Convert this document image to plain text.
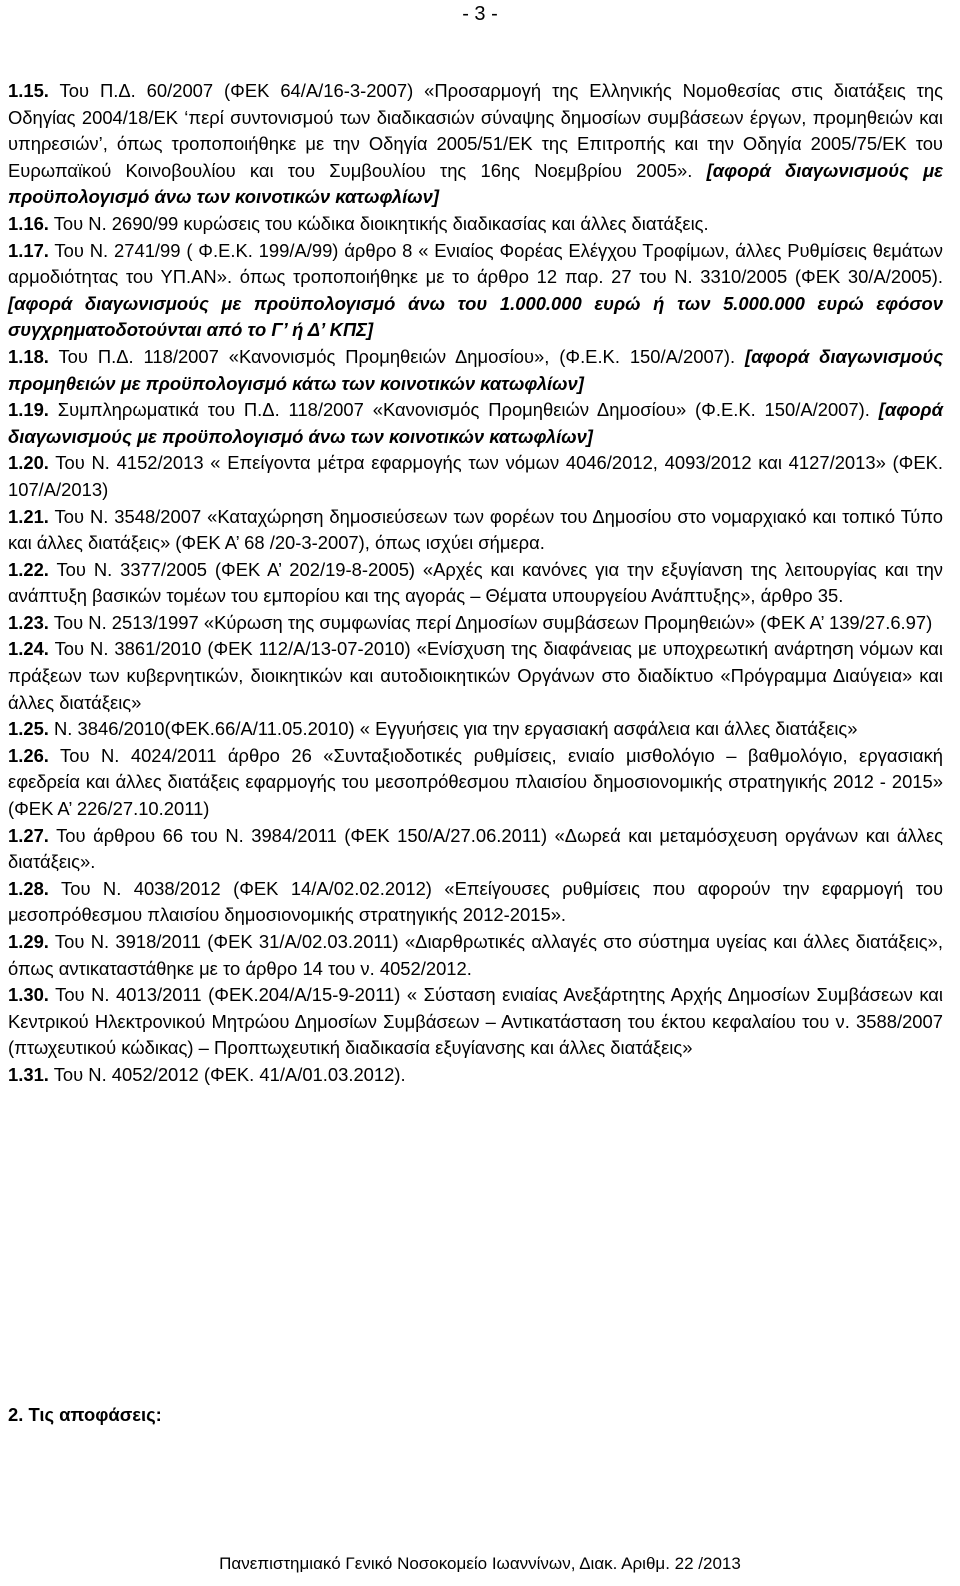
- 3 -

1.15. Του Π.Δ. 60/2007 (ΦΕΚ 64/Α/16-3-2007) «Προσαρμογή της Ελληνικής Νομοθεσίας στις διατάξεις της Οδηγίας 2004/18/ΕΚ ‘περί συντονισμού των διαδικασιών σύναψης δημοσίων συμβάσεων έργων, προμηθειών και υπηρεσιών’, όπως τροποποιήθηκε με την Οδηγία 2005/51/ΕΚ της Επιτροπής και την Οδηγία 2005/75/ΕΚ του Ευρωπαϊκού Κοινοβουλίου και του Συμβουλίου της 16ης Νοεμβρίου 2005». [αφορά διαγωνισμούς με προϋπολογισμό άνω των κοινοτικών κατωφλίων]

1.16. Του Ν. 2690/99 κυρώσεις του κώδικα διοικητικής διαδικασίας και άλλες διατάξεις.

1.17. Του Ν. 2741/99 ( Φ.Ε.Κ. 199/Α/99) άρθρο 8 « Ενιαίος Φορέας Ελέγχου Τροφίμων, άλλες Ρυθμίσεις θεμάτων αρμοδιότητας του ΥΠ.ΑΝ». όπως τροποποιήθηκε με το άρθρο 12 παρ. 27 του Ν. 3310/2005 (ΦΕΚ 30/Α/2005). [αφορά διαγωνισμούς με προϋπολογισμό άνω του 1.000.000 ευρώ ή των 5.000.000 ευρώ εφόσον συγχρηματοδοτούνται από το Γ’ ή Δ’ ΚΠΣ]

1.18. Του Π.Δ. 118/2007 «Κανονισμός Προμηθειών Δημοσίου», (Φ.Ε.Κ. 150/Α/2007). [αφορά διαγωνισμούς προμηθειών με προϋπολογισμό κάτω των κοινοτικών κατωφλίων]

1.19. Συμπληρωματικά του Π.Δ. 118/2007 «Κανονισμός Προμηθειών Δημοσίου» (Φ.Ε.Κ. 150/Α/2007). [αφορά διαγωνισμούς με προϋπολογισμό άνω των κοινοτικών κατωφλίων]

1.20. Του Ν. 4152/2013 « Επείγοντα μέτρα εφαρμογής των νόμων 4046/2012, 4093/2012 και 4127/2013» (ΦΕΚ. 107/Α/2013)

1.21. Του Ν. 3548/2007 «Καταχώρηση δημοσιεύσεων των φορέων του Δημοσίου στο νομαρχιακό και τοπικό Τύπο και άλλες διατάξεις» (ΦΕΚ Α’ 68 /20-3-2007), όπως ισχύει σήμερα.

1.22. Του Ν. 3377/2005 (ΦΕΚ Α’ 202/19-8-2005) «Αρχές και κανόνες για την εξυγίανση της λειτουργίας και την ανάπτυξη βασικών τομέων του εμπορίου και της αγοράς – Θέματα υπουργείου Ανάπτυξης», άρθρο 35.

1.23. Του Ν. 2513/1997 «Κύρωση της συμφωνίας περί Δημοσίων συμβάσεων Προμηθειών» (ΦΕΚ Α’ 139/27.6.97)

1.24. Του Ν. 3861/2010 (ΦΕΚ 112/Α/13-07-2010) «Ενίσχυση της διαφάνειας με υποχρεωτική ανάρτηση νόμων και πράξεων των κυβερνητικών, διοικητικών και αυτοδιοικητικών Οργάνων στο διαδίκτυο «Πρόγραμμα Διαύγεια» και άλλες διατάξεις»

1.25. Ν. 3846/2010(ΦΕΚ.66/Α/11.05.2010) « Εγγυήσεις για την εργασιακή ασφάλεια και άλλες διατάξεις»

1.26. Του Ν. 4024/2011 άρθρο 26 «Συνταξιοδοτικές ρυθμίσεις, ενιαίο μισθολόγιο – βαθμολόγιο, εργασιακή εφεδρεία και άλλες διατάξεις εφαρμογής του μεσοπρόθεσμου πλαισίου δημοσιονομικής στρατηγικής 2012 - 2015» (ΦΕΚ Α’ 226/27.10.2011)

1.27. Του άρθρου 66 του Ν. 3984/2011 (ΦΕΚ 150/Α/27.06.2011) «Δωρεά και μεταμόσχευση οργάνων και άλλες διατάξεις».

1.28. Του Ν. 4038/2012 (ΦΕΚ 14/Α/02.02.2012) «Επείγουσες ρυθμίσεις που αφορούν την εφαρμογή του μεσοπρόθεσμου πλαισίου δημοσιονομικής στρατηγικής 2012-2015».

1.29. Του Ν. 3918/2011 (ΦΕΚ 31/Α/02.03.2011) «Διαρθρωτικές αλλαγές στο σύστημα υγείας και άλλες διατάξεις», όπως αντικαταστάθηκε με το άρθρο 14 του ν. 4052/2012.

1.30. Του Ν. 4013/2011 (ΦΕΚ.204/Α/15-9-2011) « Σύσταση ενιαίας Ανεξάρτητης Αρχής Δημοσίων Συμβάσεων και Κεντρικού Ηλεκτρονικού Μητρώου Δημοσίων Συμβάσεων – Αντικατάσταση του έκτου κεφαλαίου του ν. 3588/2007 (πτωχευτικού κώδικας) – Προπτωχευτική διαδικασία εξυγίανσης και άλλες διατάξεις»

1.31. Του Ν. 4052/2012 (ΦΕΚ. 41/Α/01.03.2012).

2. Τις αποφάσεις:
Πανεπιστημιακό Γενικό Νοσοκομείο Ιωαννίνων, Διακ. Αριθμ. 22 /2013
